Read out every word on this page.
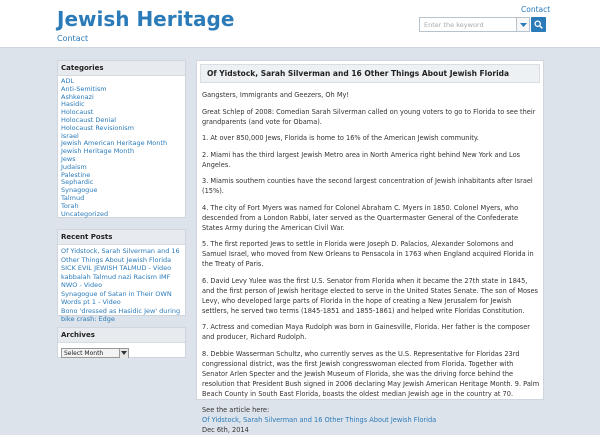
Jewish Heritage	Contact
Contact
Enter the keyword
Categories
ADL
Anti-Semitism
Ashkenazi
Hasidic
Holocaust
Holocaust Denial
Holocaust Revisionism
Israel
Jewish American Heritage Month
Jewish Heritage Month
Jews
Judaism
Palestine
Sephardic
Synagogue
Talmud
Torah
Uncategorized
Recent Posts
Of Yidstock, Sarah Silverman and 16 Other Things About Jewish Florida
SICK EVIL JEWISH TALMUD - Video
kabbalah Talmud nazi Racism IMF NWO - Video
Synagogue of Satan in Their OWN Words pt 1 - Video
Bono 'dressed as Hasidic Jew' during bike crash: Edge
Archives
Select Month
Of Yidstock, Sarah Silverman and 16 Other Things About Jewish Florida

Gangsters, Immigrants and Geezers, Oh My!

Great Schlep of 2008: Comedian Sarah Silverman called on young voters to go to Florida to see their grandparents (and vote for Obama).

1. At over 850,000 Jews, Florida is home to 16% of the American Jewish community.

2. Miami has the third largest Jewish Metro area in North America right behind New York and Los Angeles.

3. Miamis southern counties have the second largest concentration of Jewish inhabitants after Israel (15%).

4. The city of Fort Myers was named for Colonel Abraham C. Myers in 1850. Colonel Myers, who descended from a London Rabbi, later served as the Quartermaster General of the Confederate States Army during the American Civil War.

5. The first reported Jews to settle in Florida were Joseph D. Palacios, Alexander Solomons and Samuel Israel, who moved from New Orleans to Pensacola in 1763 when England acquired Florida in the Treaty of Paris.

6. David Levy Yulee was the first U.S. Senator from Florida when it became the 27th state in 1845, and the first person of Jewish heritage elected to serve in the United States Senate. The son of Moses Levy, who developed large parts of Florida in the hope of creating a New Jerusalem for Jewish settlers, he served two terms (1845-1851 and 1855-1861) and helped write Floridas Constitution.

7. Actress and comedian Maya Rudolph was born in Gainesville, Florida. Her father is the composer and producer, Richard Rudolph.

8. Debbie Wasserman Schultz, who currently serves as the U.S. Representative for Floridas 23rd congressional district, was the first Jewish congresswoman elected from Florida. Together with Senator Arlen Specter and the Jewish Museum of Florida, she was the driving force behind the resolution that President Bush signed in 2006 declaring May Jewish American Heritage Month. 9. Palm Beach County in South East Florida, boasts the oldest median Jewish age in the country at 70.

See the article here:

Of Yidstock, Sarah Silverman and 16 Other Things About Jewish Florida

Dec 6th, 2014
